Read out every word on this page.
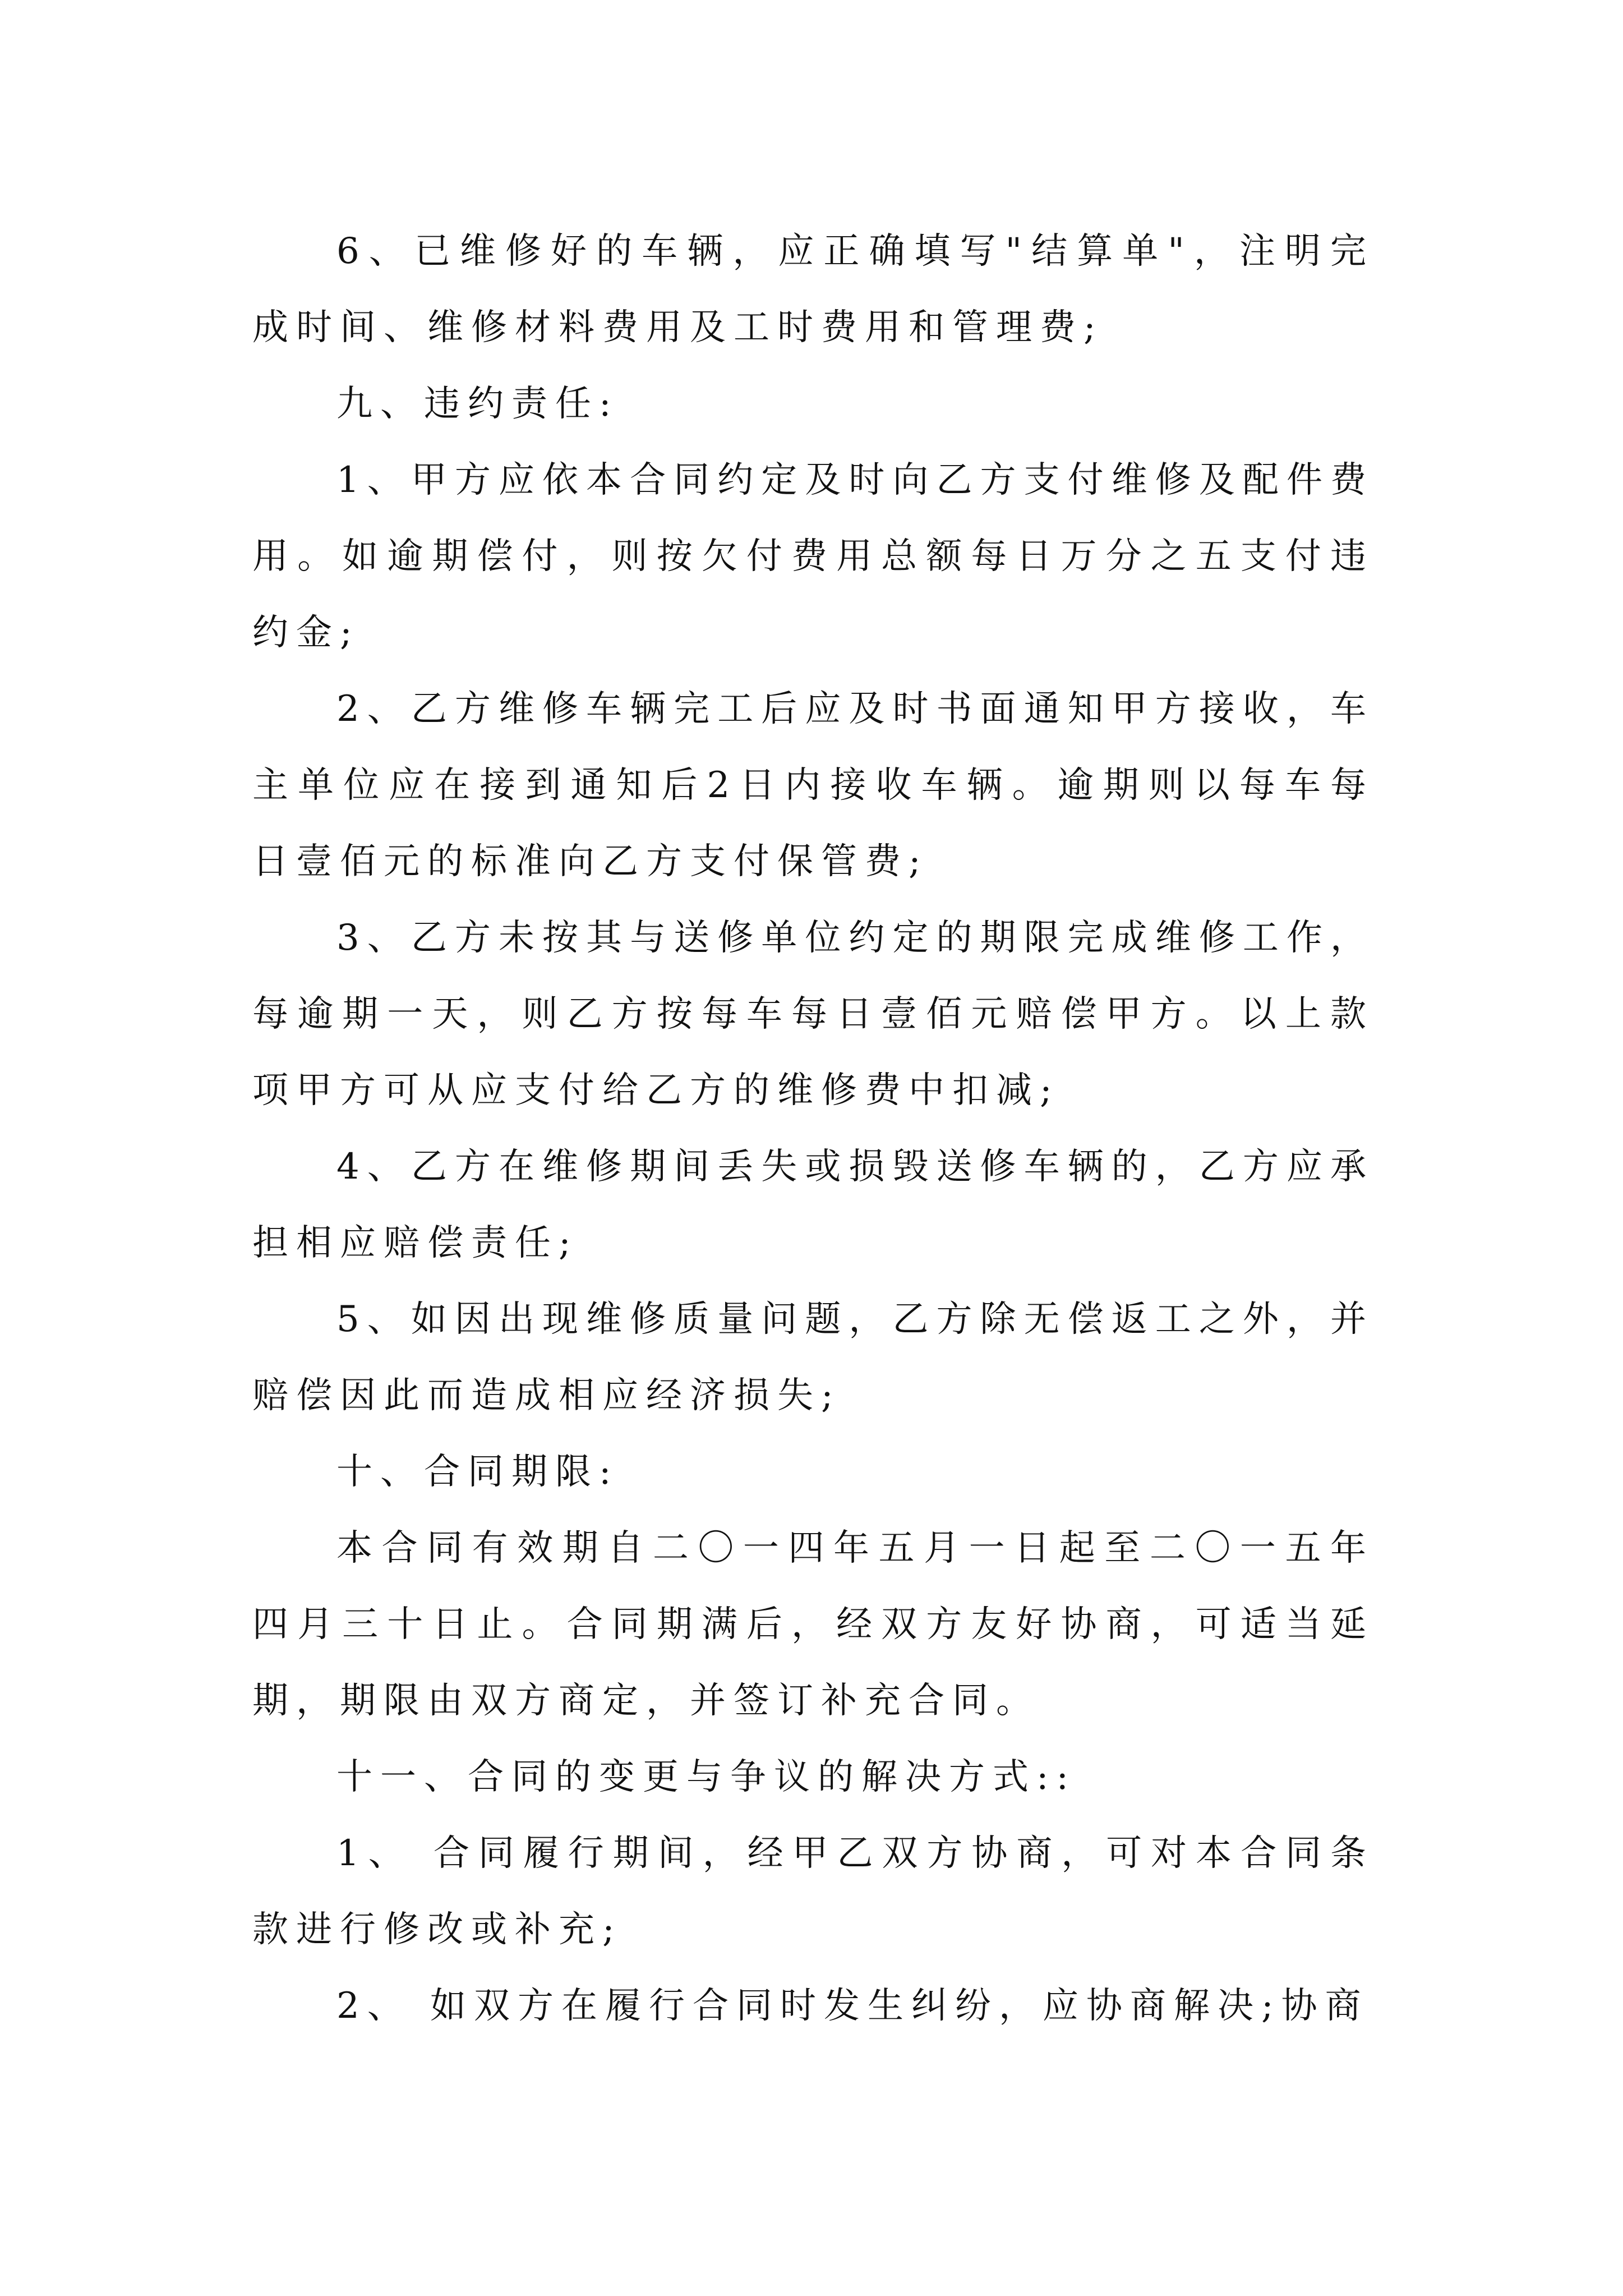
6、已维修好的车辆，应正确填写"结算单"，注明完成时间、维修材料费用及工时费用和管理费;

九、违约责任:

1、甲方应依本合同约定及时向乙方支付维修及配件费用。如逾期偿付，则按欠付费用总额每日万分之五支付违约金;

2、乙方维修车辆完工后应及时书面通知甲方接收，车主单位应在接到通知后2日内接收车辆。逾期则以每车每日壹佰元的标准向乙方支付保管费;

3、乙方未按其与送修单位约定的期限完成维修工作，每逾期一天，则乙方按每车每日壹佰元赔偿甲方。以上款项甲方可从应支付给乙方的维修费中扣减;

4、乙方在维修期间丢失或损毁送修车辆的，乙方应承担相应赔偿责任;

5、如因出现维修质量问题，乙方除无偿返工之外，并赔偿因此而造成相应经济损失;

十、合同期限:

本合同有效期自二〇一四年五月一日起至二〇一五年四月三十日止。合同期满后，经双方友好协商，可适当延期，期限由双方商定，并签订补充合同。

十一、合同的变更与争议的解决方式::

1、 合同履行期间，经甲乙双方协商，可对本合同条款进行修改或补充;

2、 如双方在履行合同时发生纠纷，应协商解决;协商
